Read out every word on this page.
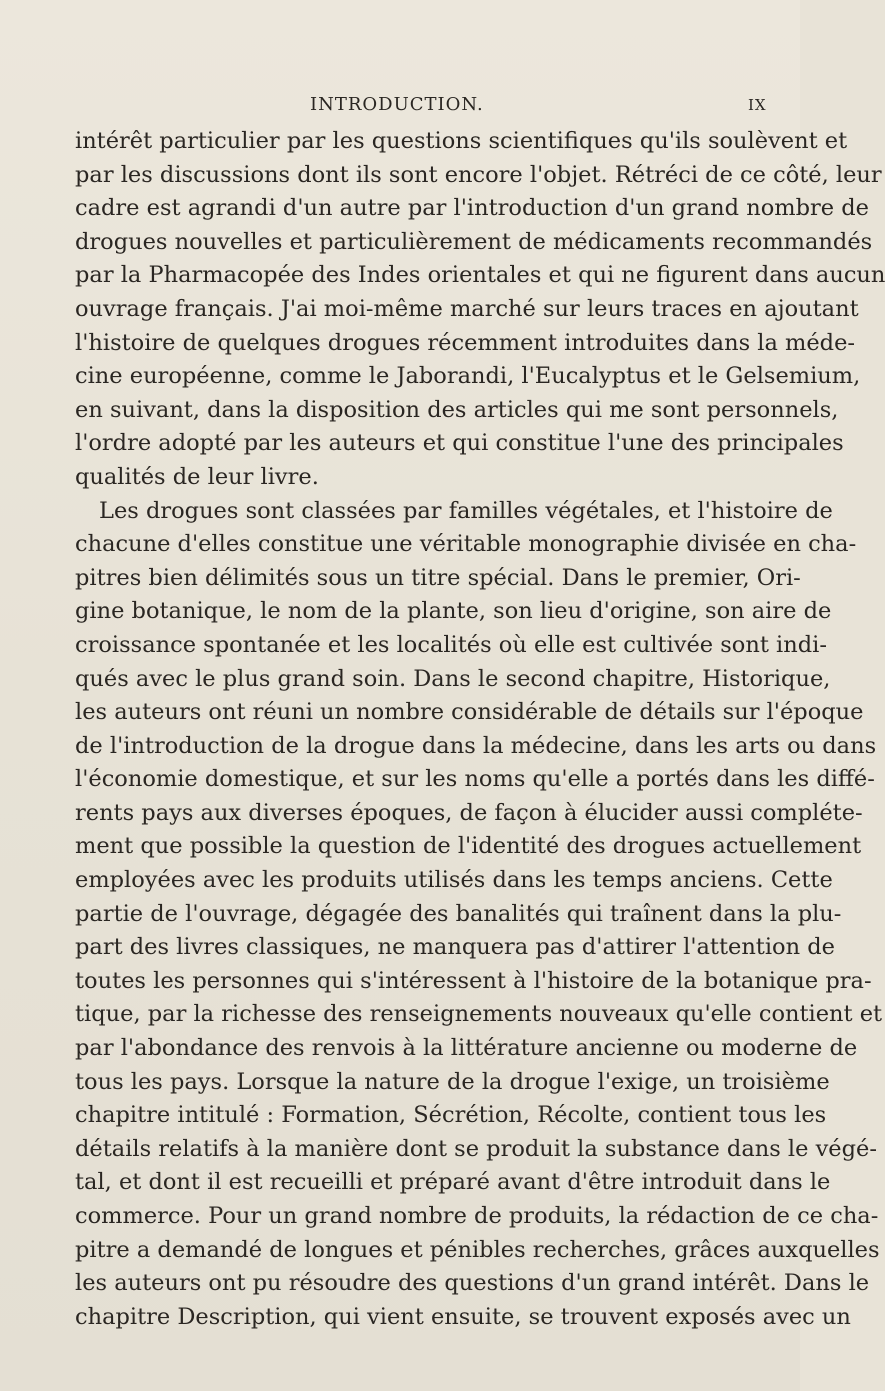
INTRODUCTION.	IX
intérêt particulier par les questions scientifiques qu'ils soulèvent et
par les discussions dont ils sont encore l'objet. Rétréci de ce côté, leur
cadre est agrandi d'un autre par l'introduction d'un grand nombre de
drogues nouvelles et particulièrement de médicaments recommandés
par la Pharmacopée des Indes orientales et qui ne figurent dans aucun
ouvrage français. J'ai moi-même marché sur leurs traces en ajoutant
l'histoire de quelques drogues récemment introduites dans la méde-
cine européenne, comme le Jaborandi, l'Eucalyptus et le Gelsemium,
en suivant, dans la disposition des articles qui me sont personnels,
l'ordre adopté par les auteurs et qui constitue l'une des principales
qualités de leur livre.
Les drogues sont classées par familles végétales, et l'histoire de
chacune d'elles constitue une véritable monographie divisée en cha-
pitres bien délimités sous un titre spécial. Dans le premier, Ori-
gine botanique, le nom de la plante, son lieu d'origine, son aire de
croissance spontanée et les localités où elle est cultivée sont indi-
qués avec le plus grand soin. Dans le second chapitre, Historique,
les auteurs ont réuni un nombre considérable de détails sur l'époque
de l'introduction de la drogue dans la médecine, dans les arts ou dans
l'économie domestique, et sur les noms qu'elle a portés dans les diffé-
rents pays aux diverses époques, de façon à élucider aussi compléte-
ment que possible la question de l'identité des drogues actuellement
employées avec les produits utilisés dans les temps anciens. Cette
partie de l'ouvrage, dégagée des banalités qui traînent dans la plu-
part des livres classiques, ne manquera pas d'attirer l'attention de
toutes les personnes qui s'intéressent à l'histoire de la botanique pra-
tique, par la richesse des renseignements nouveaux qu'elle contient et
par l'abondance des renvois à la littérature ancienne ou moderne de
tous les pays. Lorsque la nature de la drogue l'exige, un troisième
chapitre intitulé : Formation, Sécrétion, Récolte, contient tous les
détails relatifs à la manière dont se produit la substance dans le végé-
tal, et dont il est recueilli et préparé avant d'être introduit dans le
commerce. Pour un grand nombre de produits, la rédaction de ce cha-
pitre a demandé de longues et pénibles recherches, grâces auxquelles
les auteurs ont pu résoudre des questions d'un grand intérêt. Dans le
chapitre Description, qui vient ensuite, se trouvent exposés avec un
